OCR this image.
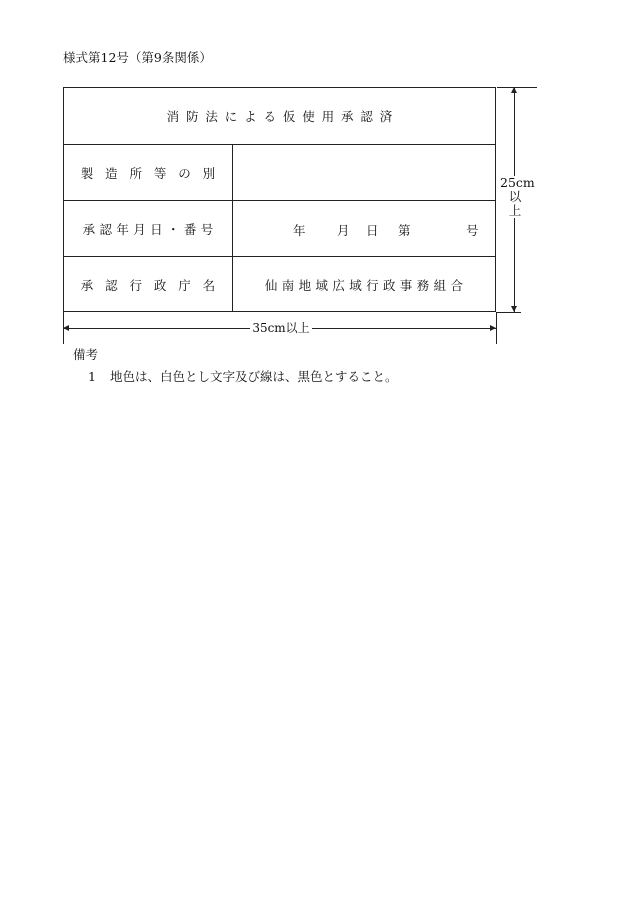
様式第12号（第9条関係）
消防法による仮使用承認済
製造所等の別
承認年月日・番号	年	月 日 第	号
承認行政庁名	仙南地域広域行政事務組合
25cm
以
上
35cm以上
備考
1 地色は、白色とし文字及び線は、黒色とすること。
